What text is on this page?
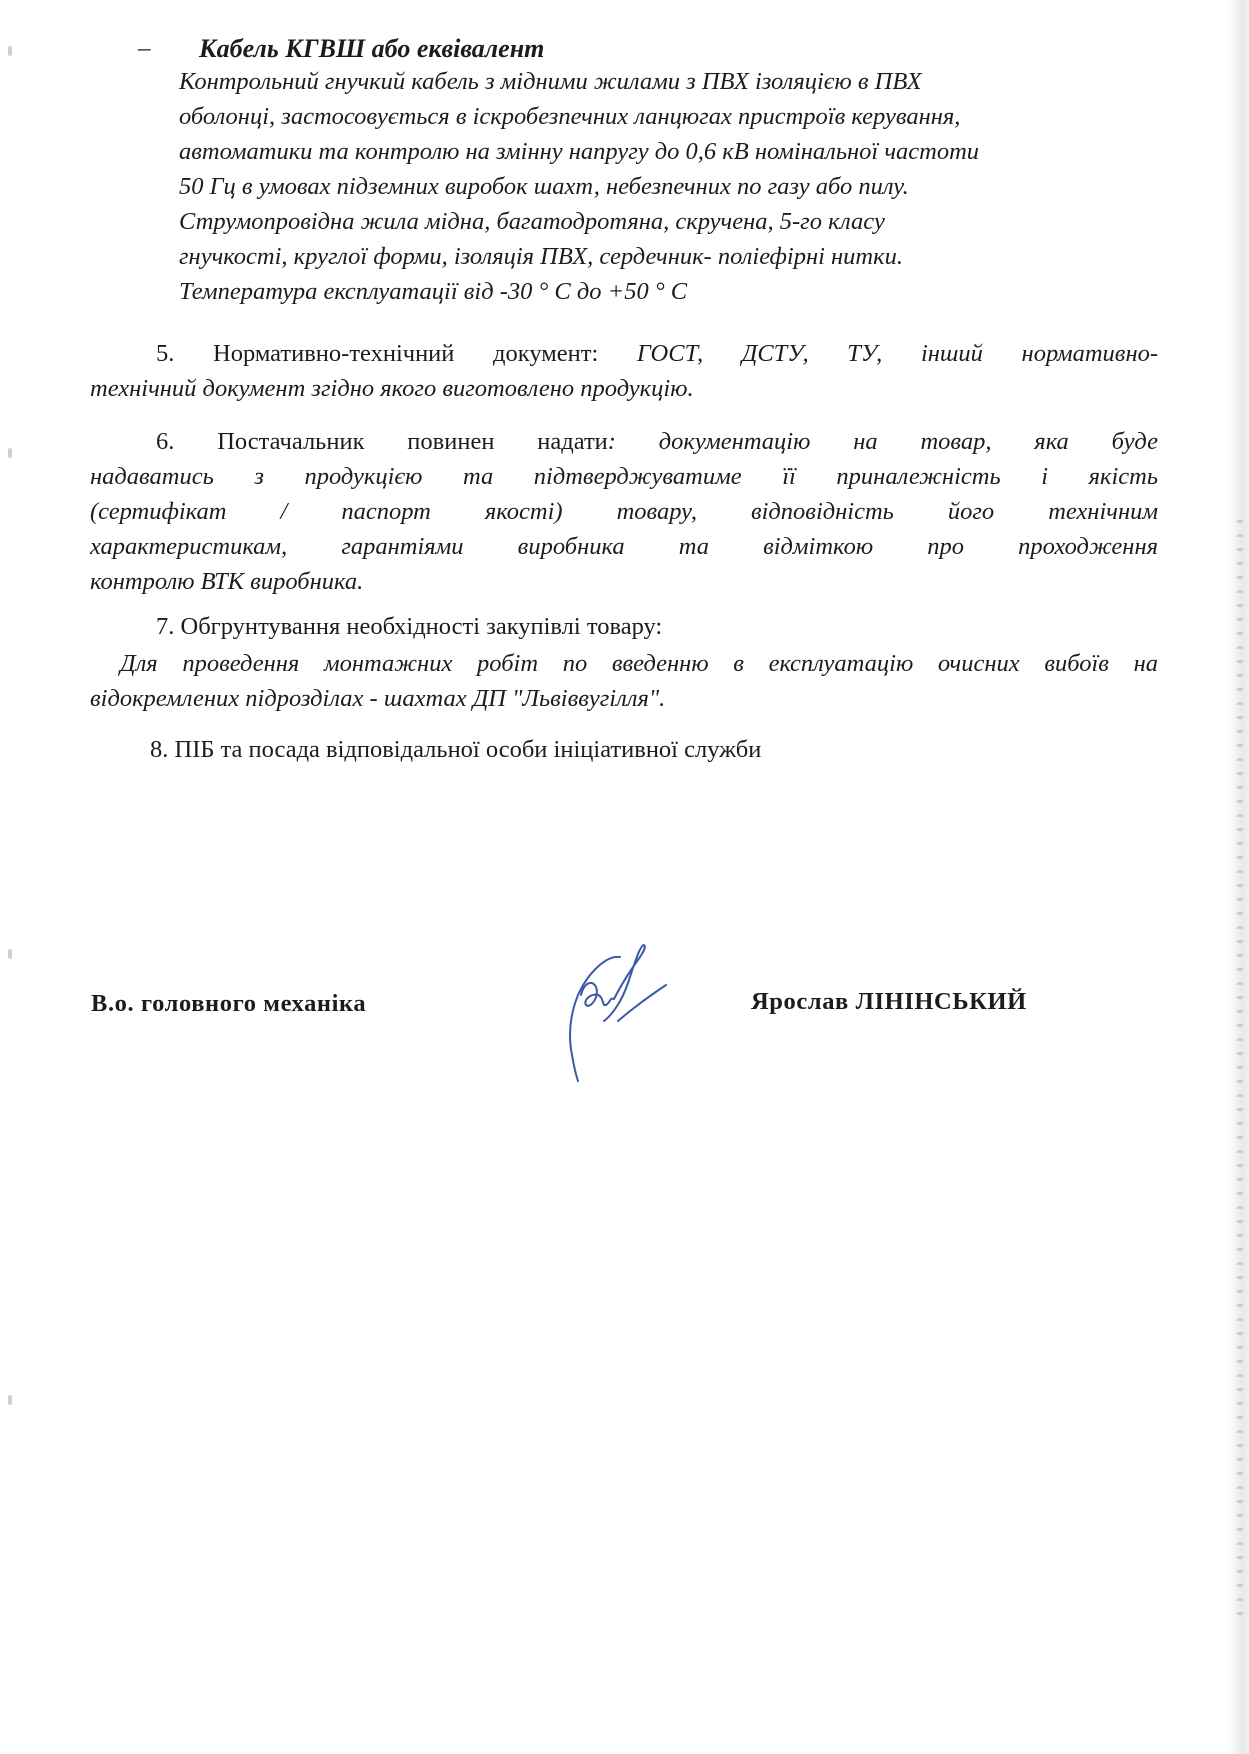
– Кабель КГВШ або еквівалент
Контрольний гнучкий кабель з мідними жилами з ПВХ ізоляцією в ПВХ
оболонці, застосовується в іскробезпечних ланцюгах пристроїв керування,
автоматики та контролю на змінну напругу до 0,6 кВ номінальної частоти
50 Гц в умовах підземних виробок шахт, небезпечних по газу або пилу.
Струмопровідна жила мідна, багатодротяна, скручена, 5-го класу
гнучкості, круглої форми, ізоляція ПВХ, сердечник- поліефірні нитки.
Температура експлуатації від -30 ° С до +50 ° С
5. Нормативно-технічний документ: ГОСТ, ДСТУ, ТУ, інший нормативно-
технічний документ згідно якого виготовлено продукцію.
6. Постачальник повинен надати: документацію на товар, яка буде
надаватись з продукцією та підтверджуватиме її приналежність і якість
(сертифікат / паспорт якості) товару, відповідність його технічним
характеристикам, гарантіями виробника та відміткою про проходження
контролю ВТК виробника.
7. Обгрунтування необхідності закупівлі товару:
Для проведення монтажних робіт по введенню в експлуатацію очисних вибоїв на
відокремлених підрозділах - шахтах ДП "Львіввугілля".
8. ПІБ та посада відповідальної особи ініціативної служби
В.о. головного механіка	Ярослав ЛІНІНСЬКИЙ
